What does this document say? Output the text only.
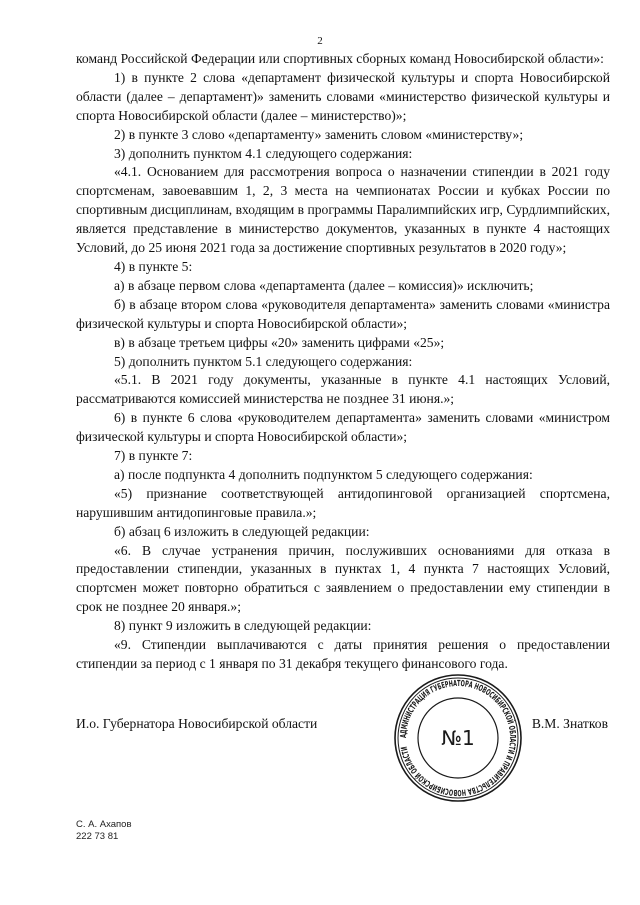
2

команд Российской Федерации или спортивных сборных команд Новосибирской области»:

1) в пункте 2 слова «департамент физической культуры и спорта Новосибирской области (далее – департамент)» заменить словами «министерство физической культуры и спорта Новосибирской области (далее – министерство)»;

2) в пункте 3 слово «департаменту» заменить словом «министерству»;

3) дополнить пунктом 4.1 следующего содержания:

«4.1. Основанием для рассмотрения вопроса о назначении стипендии в 2021 году спортсменам, завоевавшим 1, 2, 3 места на чемпионатах России и кубках России по спортивным дисциплинам, входящим в программы Паралимпийских игр, Сурдлимпийских, является представление в министерство документов, указанных в пункте 4 настоящих Условий, до 25 июня 2021 года за достижение спортивных результатов в 2020 году»;

4) в пункте 5:

а) в абзаце первом слова «департамента (далее – комиссия)» исключить;

б) в абзаце втором слова «руководителя департамента» заменить словами «министра физической культуры и спорта Новосибирской области»;

в) в абзаце третьем цифры «20» заменить цифрами «25»;

5) дополнить пунктом 5.1 следующего содержания:

«5.1. В 2021 году документы, указанные в пункте 4.1 настоящих Условий, рассматриваются комиссией министерства не позднее 31 июня.»;

6) в пункте 6 слова «руководителем департамента» заменить словами «министром физической культуры и спорта Новосибирской области»;

7) в пункте 7:

а) после подпункта 4 дополнить подпунктом 5 следующего содержания:

«5) признание соответствующей антидопинговой организацией спортсмена, нарушившим антидопинговые правила.»;

б) абзац 6 изложить в следующей редакции:

«6. В случае устранения причин, послуживших основаниями для отказа в предоставлении стипендии, указанных в пунктах 1, 4 пункта 7 настоящих Условий, спортсмен может повторно обратиться с заявлением о предоставлении ему стипендии в срок не позднее 20 января.»;

8) пункт 9 изложить в следующей редакции:

«9. Стипендии выплачиваются с даты принятия решения о предоставлении стипендии за период с 1 января по 31 декабря текущего финансового года.

И.о. Губернатора Новосибирской области	В.М. Знатков
АДМИНИСТРАЦИЯ ГУБЕРНАТОРА НОВОСИБИРСКОЙ ОБЛАСТИ И ПРАВИТЕЛЬСТВА НОВОСИБИРСКОЙ ОБЛАСТИ	№1
С. А. Ахапов
222 73 81
